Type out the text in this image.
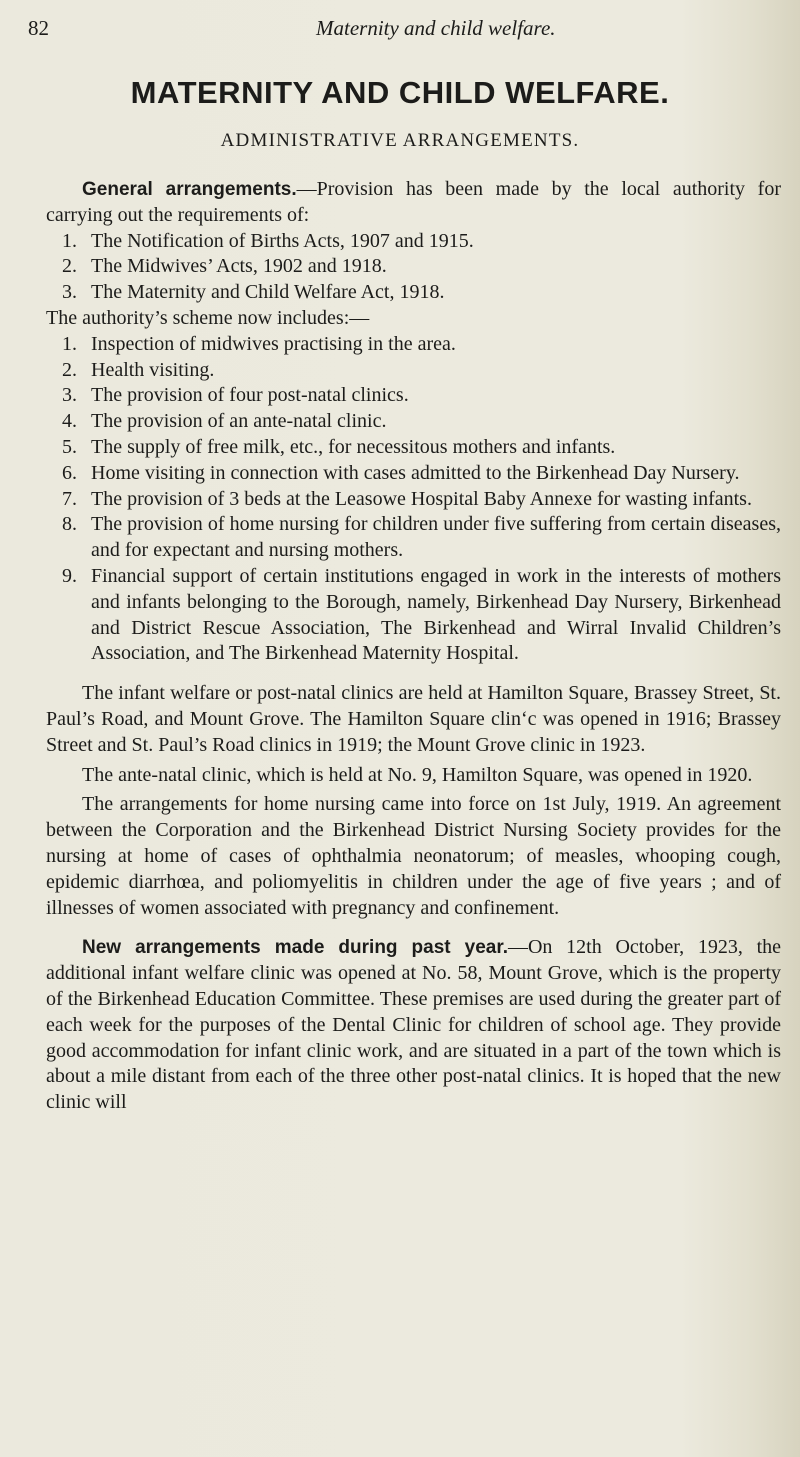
82	Maternity and child welfare.
MATERNITY AND CHILD WELFARE.
ADMINISTRATIVE ARRANGEMENTS.

General arrangements.—Provision has been made by the local authority for carrying out the requirements of:

1. The Notification of Births Acts, 1907 and 1915.
2. The Midwives’ Acts, 1902 and 1918.
3. The Maternity and Child Welfare Act, 1918.

The authority’s scheme now includes:—

1. Inspection of midwives practising in the area.
2. Health visiting.
3. The provision of four post-natal clinics.
4. The provision of an ante-natal clinic.
5. The supply of free milk, etc., for necessitous mothers and infants.
6. Home visiting in connection with cases admitted to the Birkenhead Day Nursery.
7. The provision of 3 beds at the Leasowe Hospital Baby Annexe for wasting infants.
8. The provision of home nursing for children under five suffering from certain diseases, and for expectant and nursing mothers.
9. Financial support of certain institutions engaged in work in the interests of mothers and infants belonging to the Borough, namely, Birkenhead Day Nursery, Birkenhead and District Rescue Association, The Birkenhead and Wirral Invalid Children’s Association, and The Birkenhead Maternity Hospital.

The infant welfare or post-natal clinics are held at Hamilton Square, Brassey Street, St. Paul’s Road, and Mount Grove. The Hamilton Square clin‘c was opened in 1916; Brassey Street and St. Paul’s Road clinics in 1919; the Mount Grove clinic in 1923.

The ante-natal clinic, which is held at No. 9, Hamilton Square, was opened in 1920.

The arrangements for home nursing came into force on 1st July, 1919. An agreement between the Corporation and the Birkenhead District Nursing Society provides for the nursing at home of cases of ophthalmia neonatorum; of measles, whooping cough, epidemic diarrhœa, and poliomyelitis in children under the age of five years ; and of illnesses of women associated with pregnancy and confinement.

New arrangements made during past year.—On 12th October, 1923, the additional infant welfare clinic was opened at No. 58, Mount Grove, which is the property of the Birkenhead Education Committee. These premises are used during the greater part of each week for the purposes of the Dental Clinic for children of school age. They provide good accommodation for infant clinic work, and are situated in a part of the town which is about a mile distant from each of the three other post-natal clinics. It is hoped that the new clinic will
